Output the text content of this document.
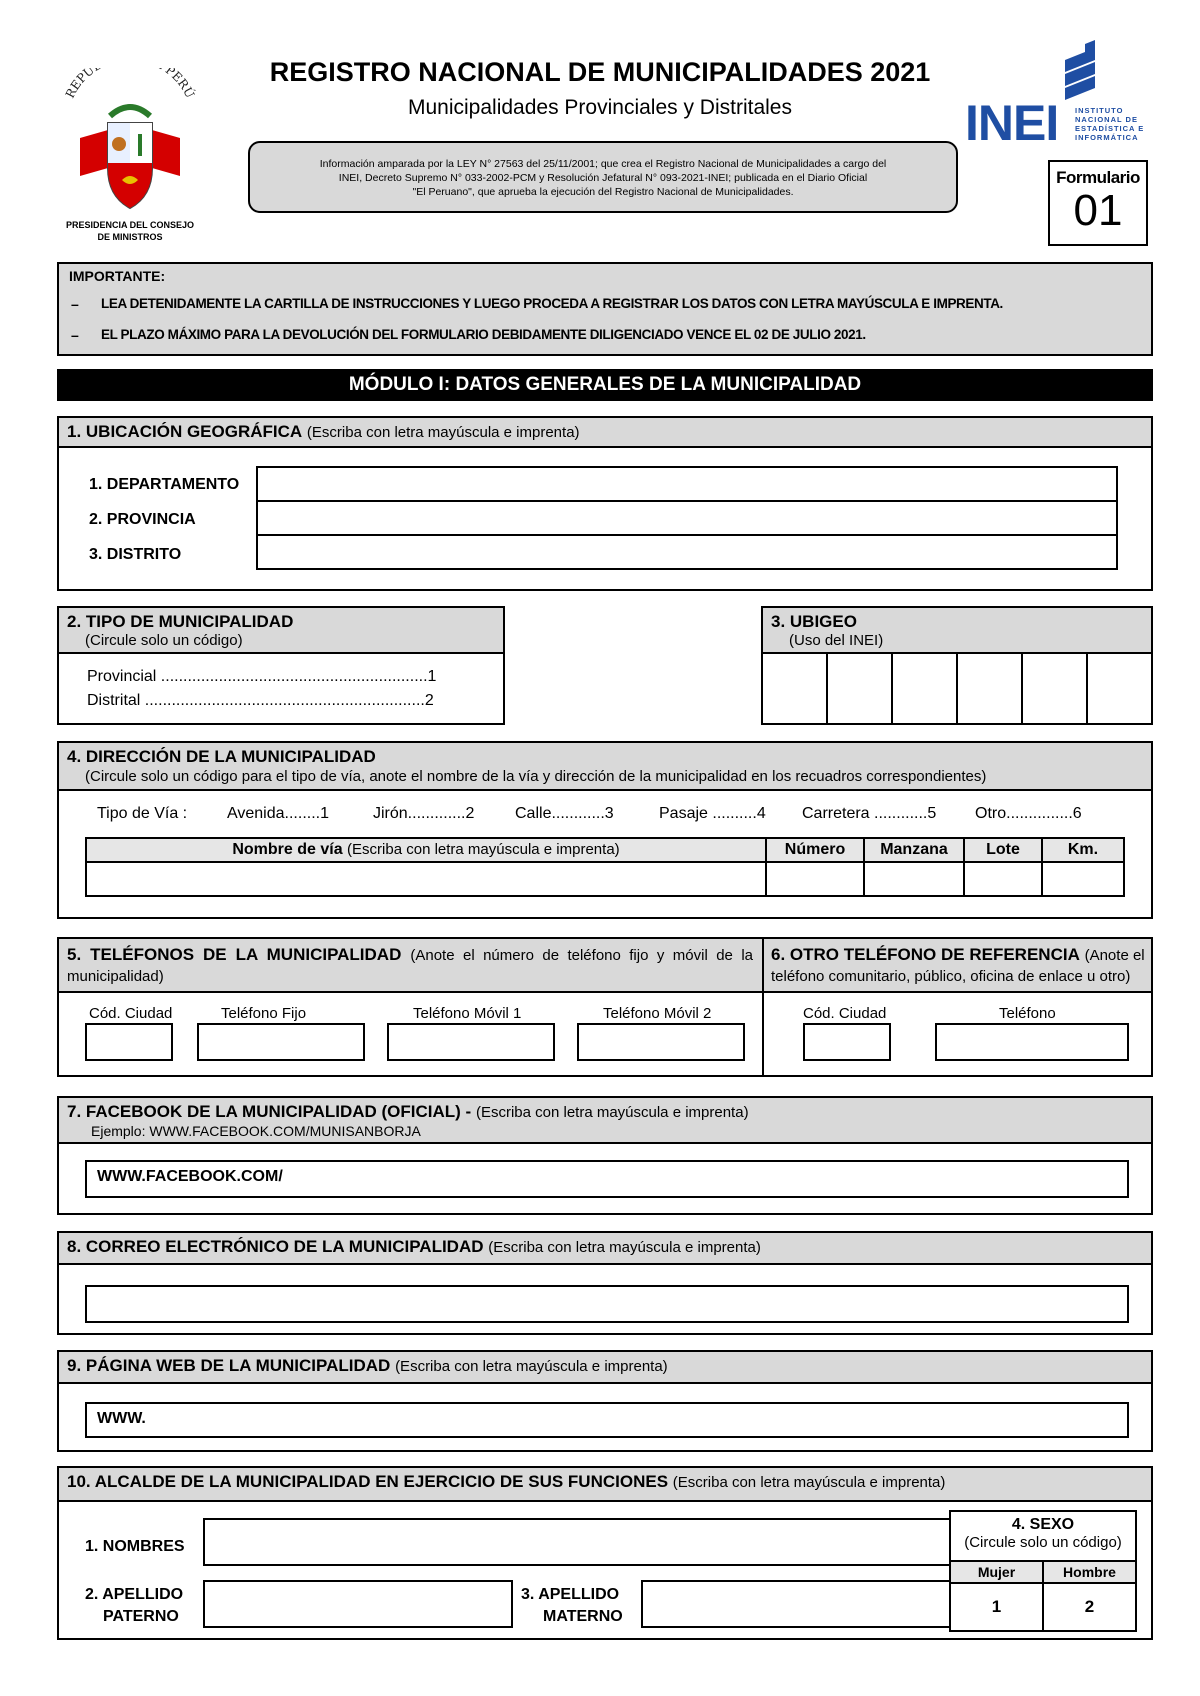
REPÚ PERÚ
PRESIDENCIA DEL CONSEJO
DE MINISTROS
REGISTRO NACIONAL DE MUNICIPALIDADES 2021
Municipalidades Provinciales y Distritales
Información amparada por la LEY N° 27563 del 25/11/2001; que crea el Registro Nacional de Municipalidades a cargo del
INEI, Decreto Supremo N° 033-2002-PCM y Resolución Jefatural N° 093-2021-INEI; publicada en el Diario Oficial
"El Peruano", que aprueba la ejecución del Registro Nacional de Municipalidades.
INEI INSTITUTO
NACIONAL DE
ESTADÍSTICA E
INFORMÁTICA
Formulario
01
IMPORTANTE:
– LEA DETENIDAMENTE LA CARTILLA DE INSTRUCCIONES Y LUEGO PROCEDA A REGISTRAR LOS DATOS CON LETRA MAYÚSCULA E IMPRENTA.
– EL PLAZO MÁXIMO PARA LA DEVOLUCIÓN DEL FORMULARIO DEBIDAMENTE DILIGENCIADO VENCE EL 02 DE JULIO 2021.
MÓDULO I: DATOS GENERALES DE LA MUNICIPALIDAD
1. UBICACIÓN GEOGRÁFICA (Escriba con letra mayúscula e imprenta)
1. DEPARTAMENTO
2. PROVINCIA
3. DISTRITO
2. TIPO DE MUNICIPALIDAD
(Circule solo un código)
Provincial ............................................................1
Distrital ...............................................................2
3. UBIGEO
(Uso del INEI)
4. DIRECCIÓN DE LA MUNICIPALIDAD
(Circule solo un código para el tipo de vía, anote el nombre de la vía y dirección de la municipalidad en los recuadros correspondientes)
Tipo de Vía : Avenida........1	Jirón.............2	Calle............3	Pasaje ..........4 Carretera ............5 Otro...............6
Nombre de vía (Escriba con letra mayúscula e imprenta)	Número	Manzana	Lote	Km.

5. TELÉFONOS DE LA MUNICIPALIDAD (Anote el número de teléfono fijo y móvil de la municipalidad)
6. OTRO TELÉFONO DE REFERENCIA (Anote el teléfono comunitario, público, oficina de enlace u otro)
Cód. Ciudad	Teléfono Fijo	Teléfono Móvil 1	Teléfono Móvil 2	Cód. Ciudad	Teléfono
7. FACEBOOK DE LA MUNICIPALIDAD (OFICIAL) - (Escriba con letra mayúscula e imprenta)
Ejemplo: WWW.FACEBOOK.COM/MUNISANBORJA
WWW.FACEBOOK.COM/
8. CORREO ELECTRÓNICO DE LA MUNICIPALIDAD (Escriba con letra mayúscula e imprenta)
9. PÁGINA WEB DE LA MUNICIPALIDAD (Escriba con letra mayúscula e imprenta)
WWW.
10. ALCALDE DE LA MUNICIPALIDAD EN EJERCICIO DE SUS FUNCIONES (Escriba con letra mayúscula e imprenta)
1. NOMBRES
2. APELLIDO
PATERNO
3. APELLIDO
MATERNO
4. SEXO
(Circule solo un código)
Mujer	Hombre
1	2
